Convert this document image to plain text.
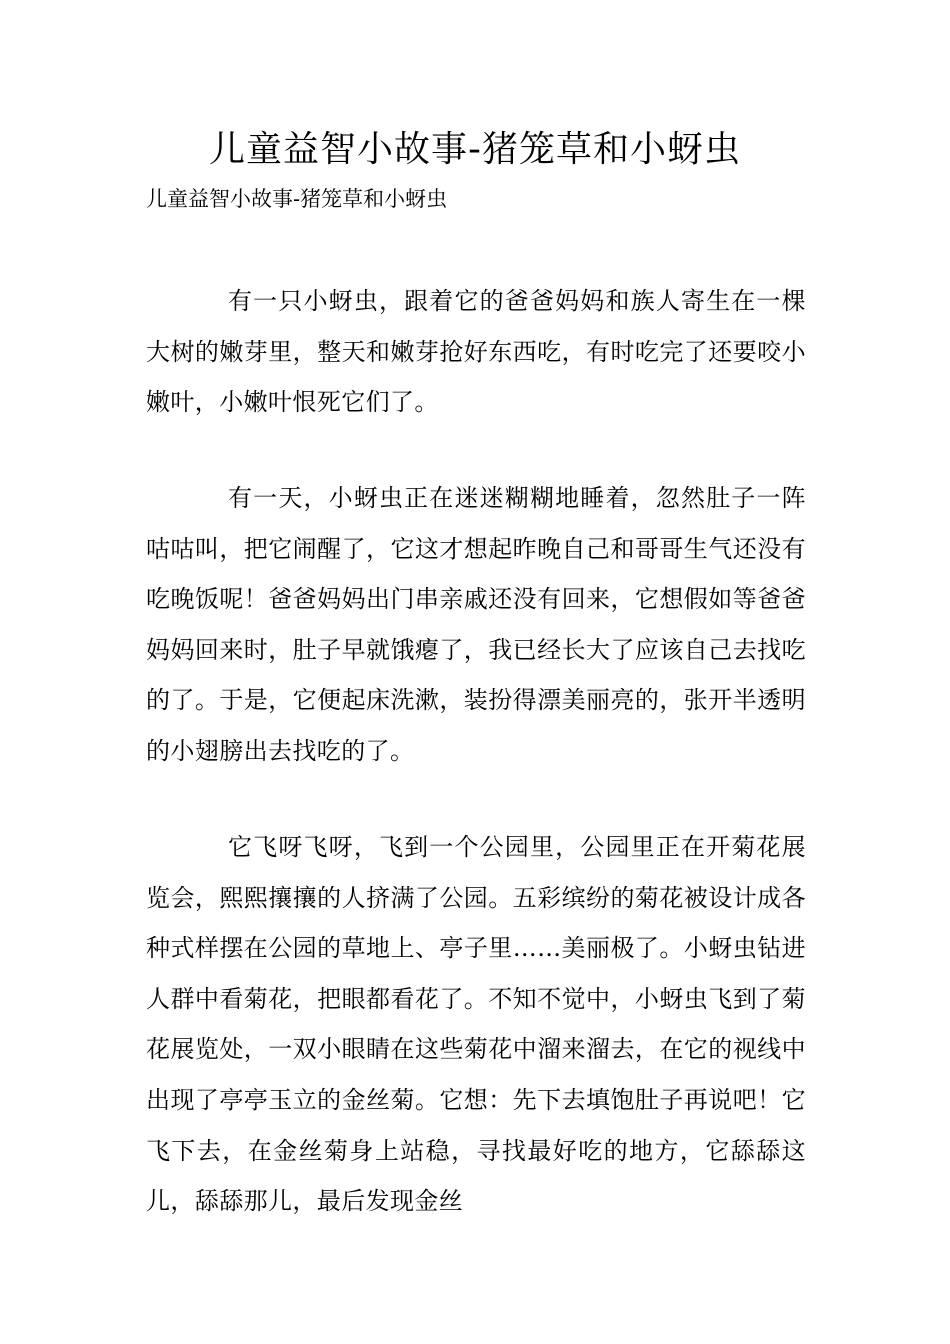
儿童益智小故事-猪笼草和小蚜虫

儿童益智小故事-猪笼草和小蚜虫

有一只小蚜虫，跟着它的爸爸妈妈和族人寄生在一棵大树的嫩芽里，整天和嫩芽抢好东西吃，有时吃完了还要咬小嫩叶，小嫩叶恨死它们了。

有一天，小蚜虫正在迷迷糊糊地睡着，忽然肚子一阵咕咕叫，把它闹醒了，它这才想起昨晚自己和哥哥生气还没有吃晚饭呢！爸爸妈妈出门串亲戚还没有回来，它想假如等爸爸妈妈回来时，肚子早就饿瘪了，我已经长大了应该自己去找吃的了。于是，它便起床洗漱，装扮得漂美丽亮的，张开半透明的小翅膀出去找吃的了。

它飞呀飞呀，飞到一个公园里，公园里正在开菊花展览会，熙熙攘攘的人挤满了公园。五彩缤纷的菊花被设计成各种式样摆在公园的草地上、亭子里……美丽极了。小蚜虫钻进人群中看菊花，把眼都看花了。不知不觉中，小蚜虫飞到了菊花展览处，一双小眼睛在这些菊花中溜来溜去，在它的视线中出现了亭亭玉立的金丝菊。它想：先下去填饱肚子再说吧！它飞下去，在金丝菊身上站稳，寻找最好吃的地方，它舔舔这儿，舔舔那儿，最后发现金丝
